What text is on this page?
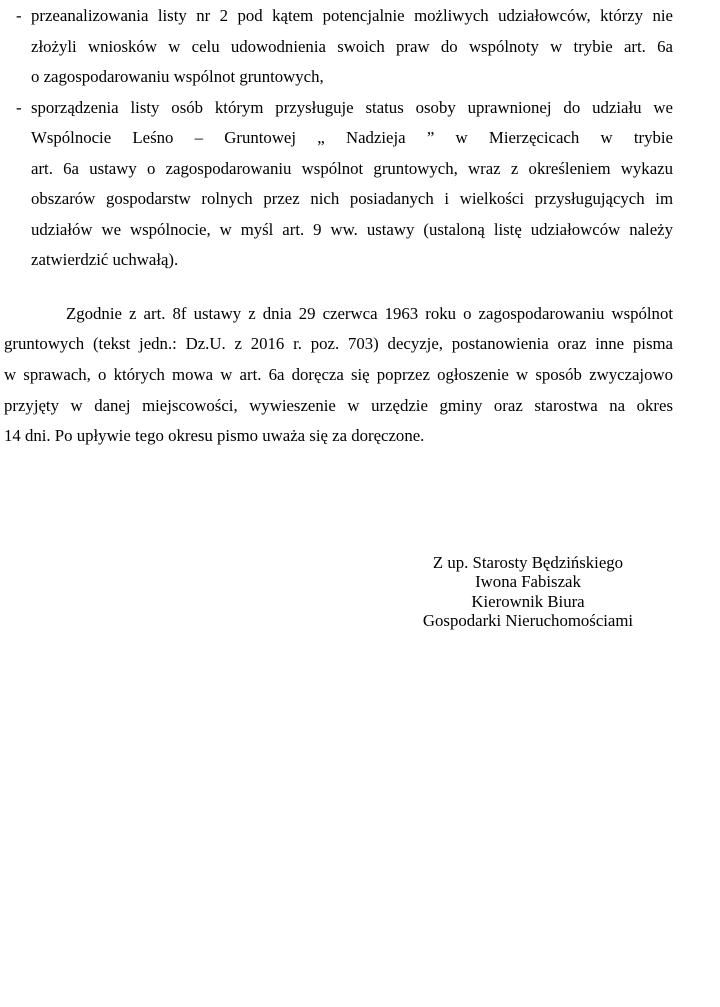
- przeanalizowania listy nr 2 pod kątem potencjalnie możliwych udziałowców, którzy nie
złożyli wniosków w celu udowodnienia swoich praw do wspólnoty w trybie art. 6a
o zagospodarowaniu wspólnot gruntowych,
- sporządzenia listy osób którym przysługuje status osoby uprawnionej do udziału we
Wspólnocie Leśno – Gruntowej „ Nadzieja ” w Mierzęcicach w trybie
art. 6a ustawy o zagospodarowaniu wspólnot gruntowych, wraz z określeniem wykazu
obszarów gospodarstw rolnych przez nich posiadanych i wielkości przysługujących im
udziałów we wspólnocie, w myśl art. 9 ww. ustawy (ustaloną listę udziałowców należy
zatwierdzić uchwałą).
Zgodnie z art. 8f ustawy z dnia 29 czerwca 1963 roku o zagospodarowaniu wspólnot
gruntowych (tekst jedn.: Dz.U. z 2016 r. poz. 703) decyzje, postanowienia oraz inne pisma
w sprawach, o których mowa w art. 6a doręcza się poprzez ogłoszenie w sposób zwyczajowo
przyjęty w danej miejscowości, wywieszenie w urzędzie gminy oraz starostwa na okres
14 dni. Po upływie tego okresu pismo uważa się za doręczone.
Z up. Starosty Będzińskiego
Iwona Fabiszak
Kierownik Biura
Gospodarki Nieruchomościami
